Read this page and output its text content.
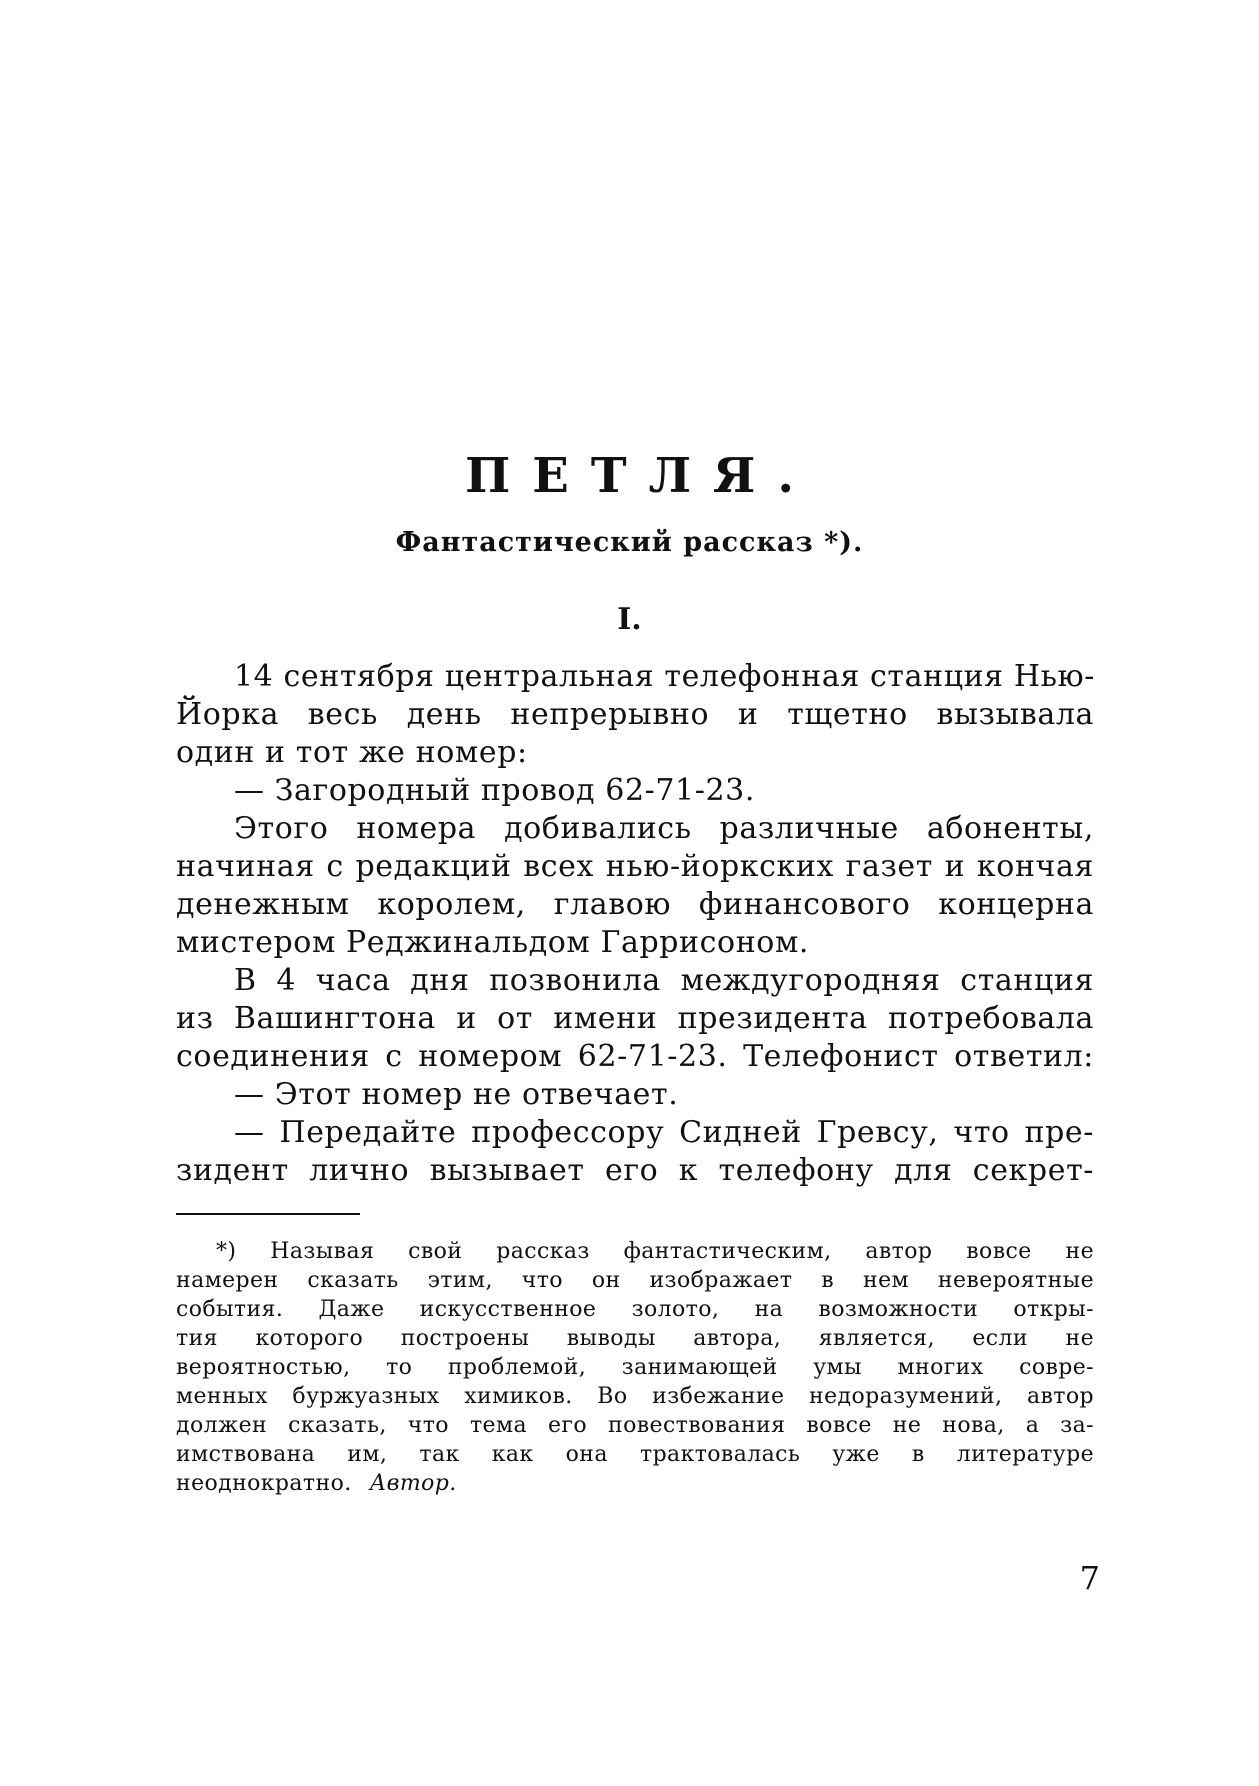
ПЕТЛЯ.
Фантастический рассказ *).
I.
14 сентября центральная телефонная станция Нью-
Йорка весь день непрерывно и тщетно вызывала
один и тот же номер:
— Загородный провод 62-71-23.
Этого номера добивались различные абоненты,
начиная с редакций всех нью-йоркских газет и кончая
денежным королем, главою финансового концерна
мистером Реджинальдом Гаррисоном.
В 4 часа дня позвонила междугородняя станция
из Вашингтона и от имени президента потребовала
соединения с номером 62-71-23. Телефонист ответил:
— Этот номер не отвечает.
— Передайте профессору Сидней Гревсу, что пре-
зидент лично вызывает его к телефону для секрет-
*) Называя свой рассказ фантастическим, автор вовсе не
намерен сказать этим, что он изображает в нем невероятные
события. Даже искусственное золото, на возможности откры-
тия которого построены выводы автора, является, если не
вероятностью, то проблемой, занимающей умы многих совре-
менных буржуазных химиков. Во избежание недоразумений, автор
должен сказать, что тема его повествования вовсе не нова, а за-
имствована им, так как она трактовалась уже в литературе
неоднократно. Автор.
7
